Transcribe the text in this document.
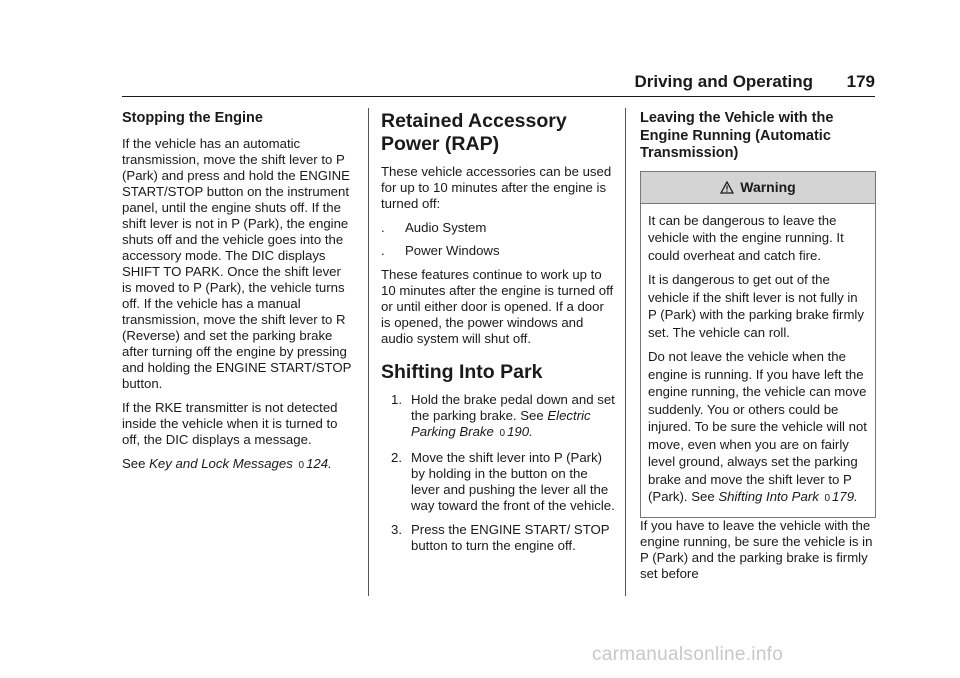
Driving and Operating 179
Stopping the Engine

If the vehicle has an automatic transmission, move the shift lever to P (Park) and press and hold the ENGINE START/STOP button on the instrument panel, until the engine shuts off. If the shift lever is not in P (Park), the engine shuts off and the vehicle goes into the accessory mode. The DIC displays SHIFT TO PARK. Once the shift lever is moved to P (Park), the vehicle turns off. If the vehicle has a manual transmission, move the shift lever to R (Reverse) and set the parking brake after turning off the engine by pressing and holding the ENGINE START/STOP button.

If the RKE transmitter is not detected inside the vehicle when it is turned to off, the DIC displays a message.

See Key and Lock Messages 0 124.

Retained Accessory Power (RAP)

These vehicle accessories can be used for up to 10 minutes after the engine is turned off:

. Audio System
. Power Windows

These features continue to work up to 10 minutes after the engine is turned off or until either door is opened. If a door is opened, the power windows and audio system will shut off.

Shifting Into Park
1. Hold the brake pedal down and set the parking brake. See Electric Parking Brake 0 190.
2. Move the shift lever into P (Park) by holding in the button on the lever and pushing the lever all the way toward the front of the vehicle.
3. Press the ENGINE START/ STOP button to turn the engine off.
Leaving the Vehicle with the Engine Running (Automatic Transmission)
Warning

It can be dangerous to leave the vehicle with the engine running. It could overheat and catch fire.

It is dangerous to get out of the vehicle if the shift lever is not fully in P (Park) with the parking brake firmly set. The vehicle can roll.

Do not leave the vehicle when the engine is running. If you have left the engine running, the vehicle can move suddenly. You or others could be injured. To be sure the vehicle will not move, even when you are on fairly level ground, always set the parking brake and move the shift lever to P (Park). See Shifting Into Park 0 179.

If you have to leave the vehicle with the engine running, be sure the vehicle is in P (Park) and the parking brake is firmly set before

carmanualsonline.info
